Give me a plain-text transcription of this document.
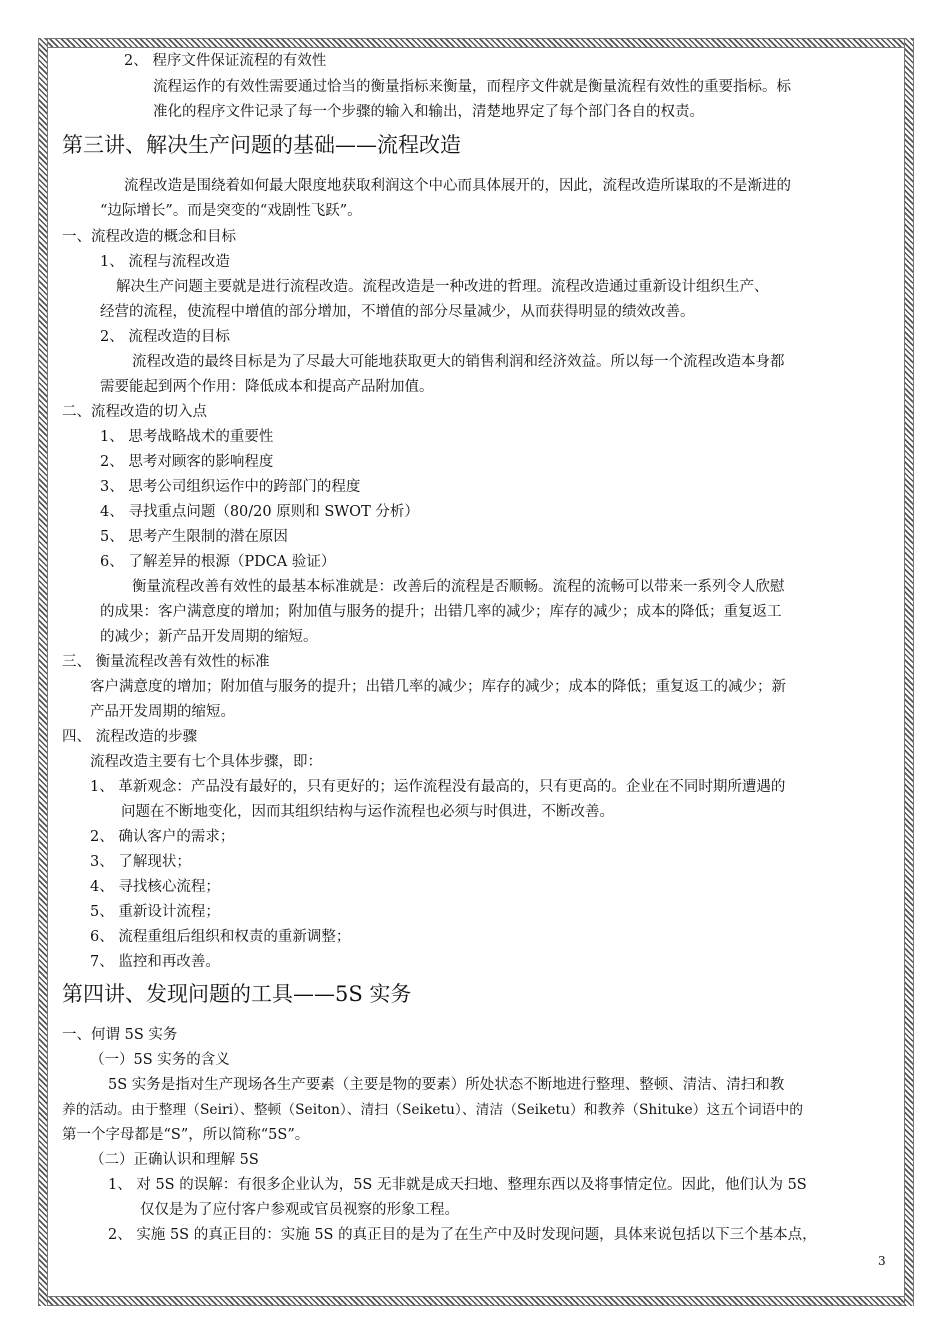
2、 程序文件保证流程的有效性
流程运作的有效性需要通过恰当的衡量指标来衡量，而程序文件就是衡量流程有效性的重要指标。标
准化的程序文件记录了每一个步骤的输入和输出，清楚地界定了每个部门各自的权责。
第三讲、解决生产问题的基础——流程改造
流程改造是围绕着如何最大限度地获取利润这个中心而具体展开的，因此，流程改造所谋取的不是渐进的
“边际增长”。而是突变的“戏剧性飞跃”。
一、流程改造的概念和目标
1、 流程与流程改造
解决生产问题主要就是进行流程改造。流程改造是一种改进的哲理。流程改造通过重新设计组织生产、
经营的流程，使流程中增值的部分增加，不增值的部分尽量减少，从而获得明显的绩效改善。
2、 流程改造的目标
流程改造的最终目标是为了尽最大可能地获取更大的销售利润和经济效益。所以每一个流程改造本身都
需要能起到两个作用：降低成本和提高产品附加值。
二、流程改造的切入点
1、 思考战略战术的重要性
2、 思考对顾客的影响程度
3、 思考公司组织运作中的跨部门的程度
4、 寻找重点问题（80/20 原则和 SWOT 分析）
5、 思考产生限制的潜在原因
6、 了解差异的根源（PDCA 验证）
衡量流程改善有效性的最基本标准就是：改善后的流程是否顺畅。流程的流畅可以带来一系列令人欣慰
的成果：客户满意度的增加；附加值与服务的提升；出错几率的减少；库存的减少；成本的降低；重复返工
的减少；新产品开发周期的缩短。
三、 衡量流程改善有效性的标准
客户满意度的增加；附加值与服务的提升；出错几率的减少；库存的减少；成本的降低；重复返工的减少；新
产品开发周期的缩短。
四、 流程改造的步骤
流程改造主要有七个具体步骤，即：
1、 革新观念：产品没有最好的，只有更好的；运作流程没有最高的，只有更高的。企业在不同时期所遭遇的
问题在不断地变化，因而其组织结构与运作流程也必须与时俱进，不断改善。
2、 确认客户的需求；
3、 了解现状；
4、 寻找核心流程；
5、 重新设计流程；
6、 流程重组后组织和权责的重新调整；
7、 监控和再改善。
第四讲、发现问题的工具——5S 实务
一、何谓 5S 实务
（一）5S 实务的含义
5S 实务是指对生产现场各生产要素（主要是物的要素）所处状态不断地进行整理、整顿、清洁、清扫和教
养的活动。由于整理（Seiri）、整顿（Seiton）、清扫（Seiketu）、清洁（Seiketu）和教养（Shituke）这五个词语中的
第一个字母都是“S”，所以简称“5S”。
（二）正确认识和理解 5S
1、 对 5S 的误解：有很多企业认为，5S 无非就是成天扫地、整理东西以及将事情定位。因此，他们认为 5S
仅仅是为了应付客户参观或官员视察的形象工程。
2、 实施 5S 的真正目的：实施 5S 的真正目的是为了在生产中及时发现问题，具体来说包括以下三个基本点，
3
